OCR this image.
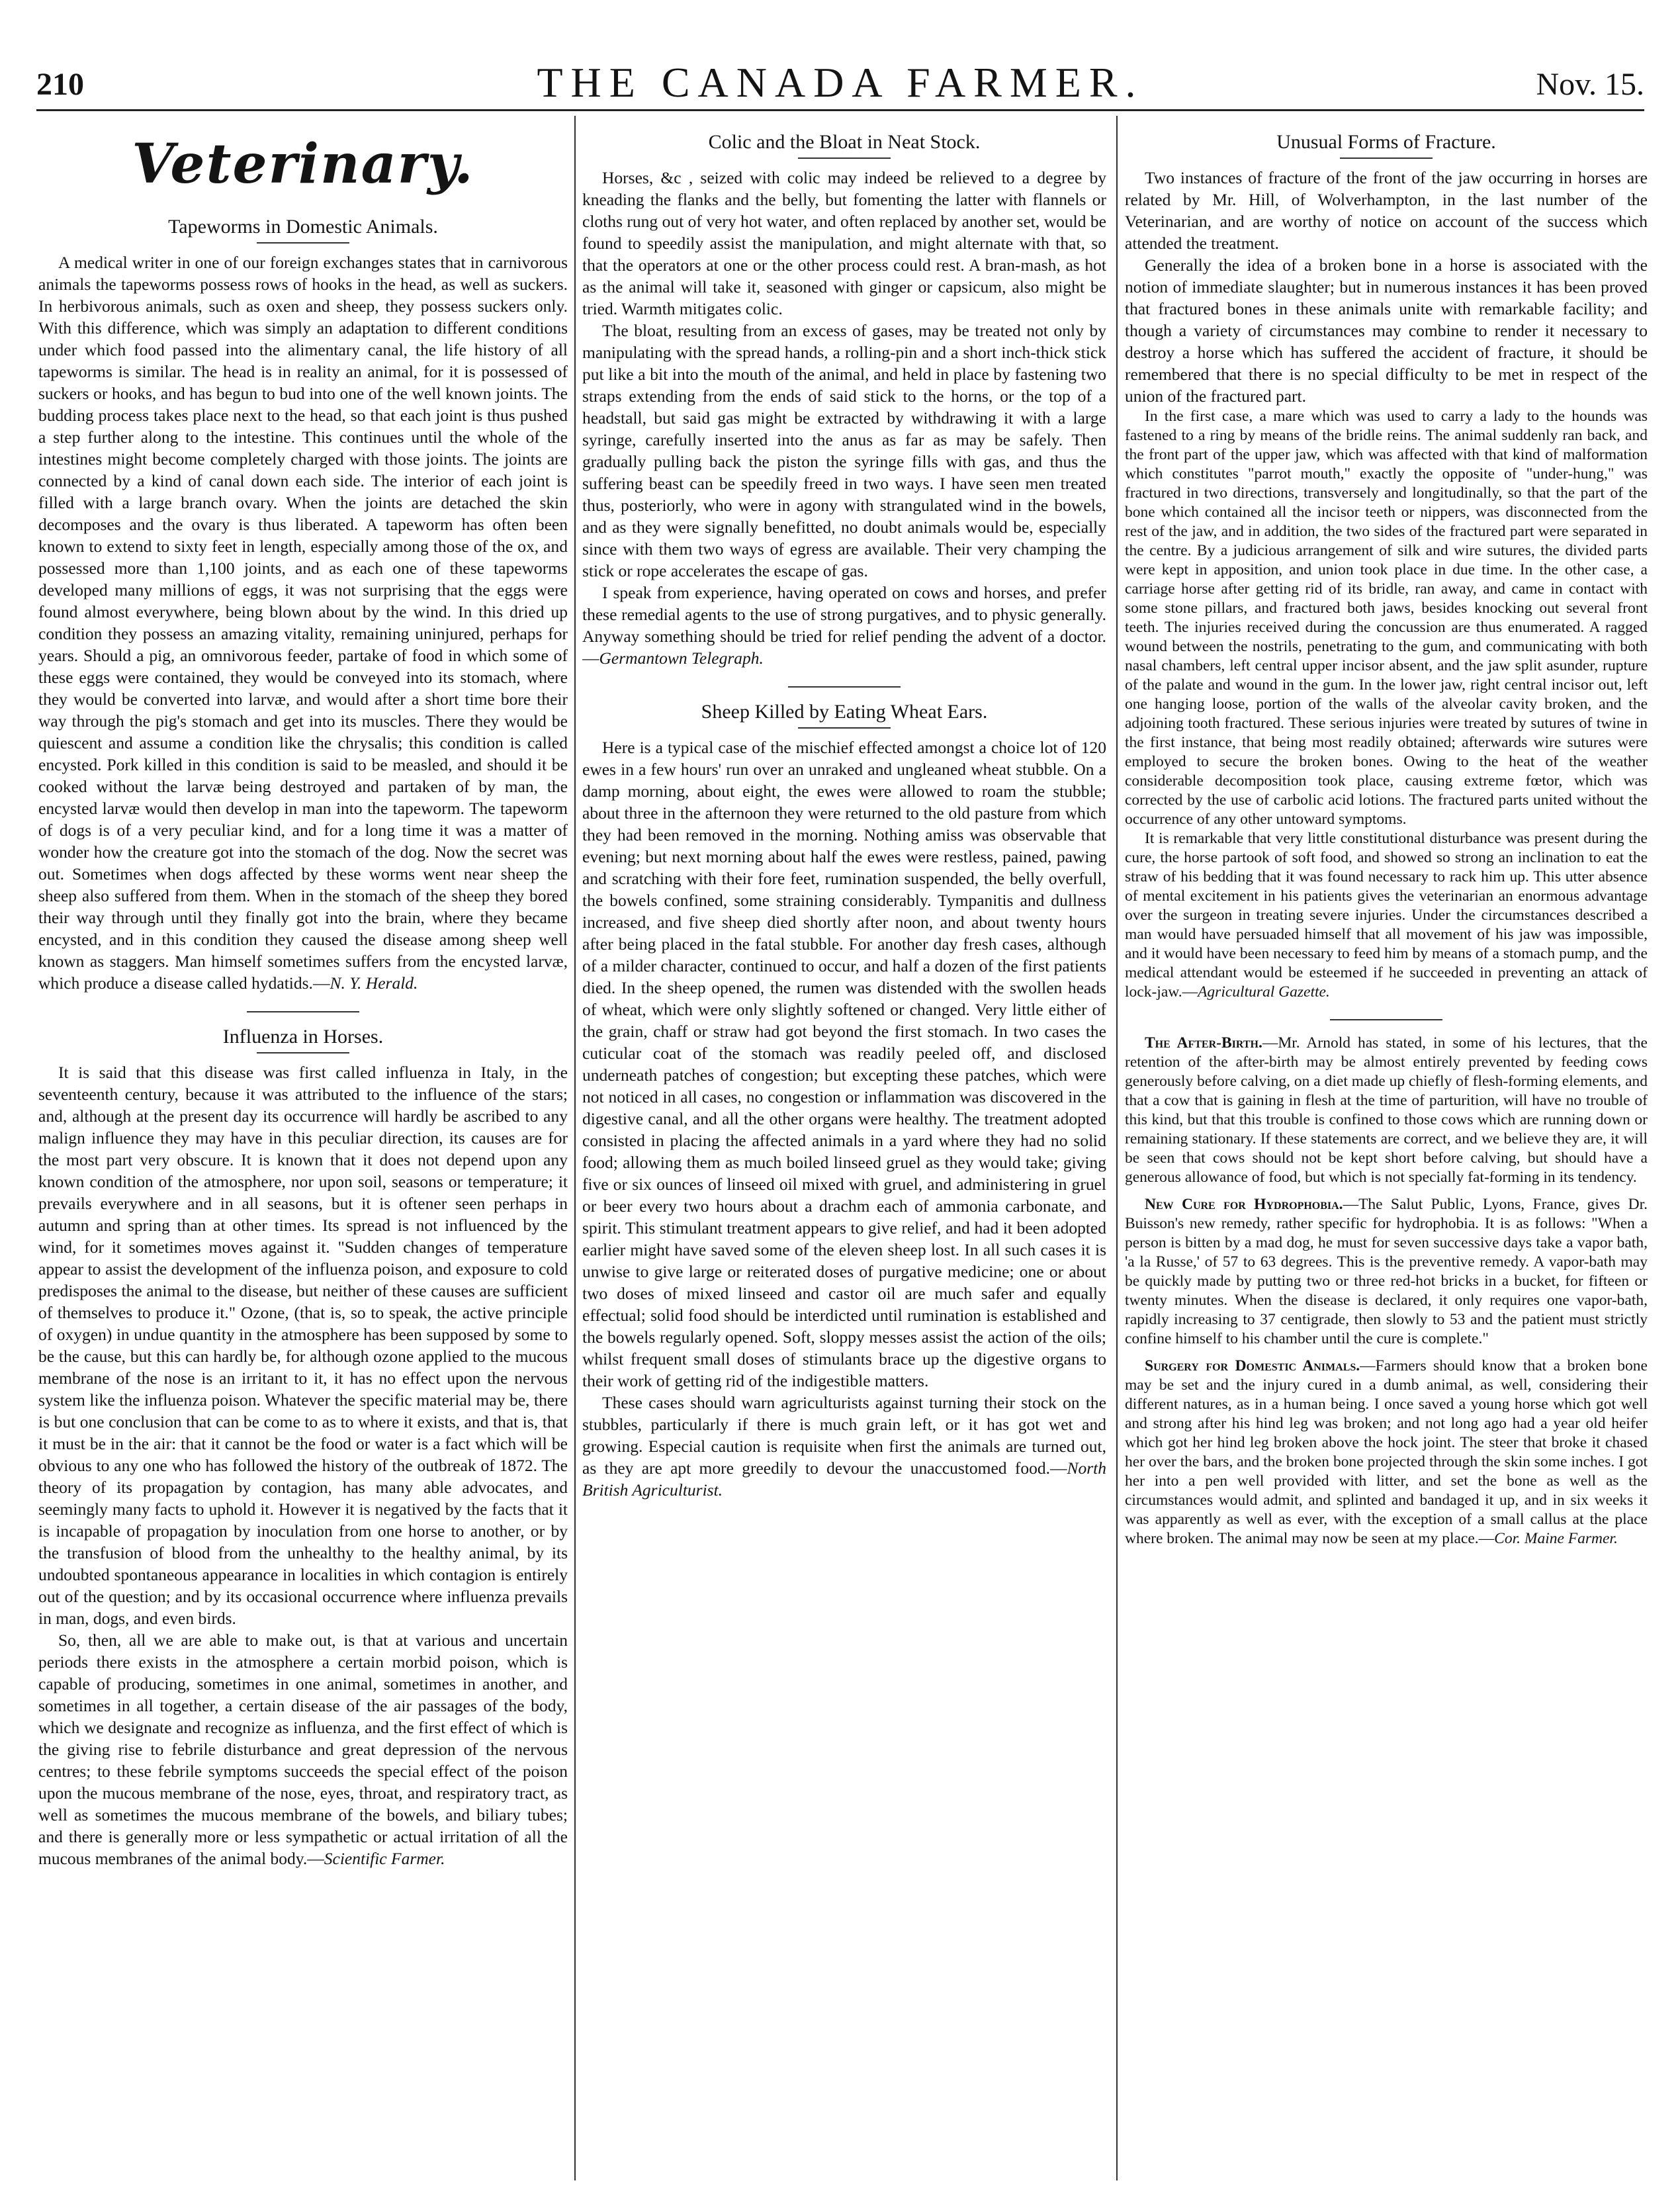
210	THE CANADA FARMER.	Nov. 15.
Veterinary.
Tapeworms in Domestic Animals.

A medical writer in one of our foreign exchanges states that in carnivorous animals the tapeworms possess rows of hooks in the head, as well as suckers. In herbivorous animals, such as oxen and sheep, they possess suckers only. With this difference, which was simply an adaptation to different conditions under which food passed into the alimentary canal, the life history of all tapeworms is similar. The head is in reality an animal, for it is possessed of suckers or hooks, and has begun to bud into one of the well known joints. The budding process takes place next to the head, so that each joint is thus pushed a step further along to the intestine. This continues until the whole of the intestines might become completely charged with those joints. The joints are connected by a kind of canal down each side. The interior of each joint is filled with a large branch ovary. When the joints are detached the skin decomposes and the ovary is thus liberated. A tapeworm has often been known to extend to sixty feet in length, especially among those of the ox, and possessed more than 1,100 joints, and as each one of these tapeworms developed many millions of eggs, it was not surprising that the eggs were found almost everywhere, being blown about by the wind. In this dried up condition they possess an amazing vitality, remaining uninjured, perhaps for years. Should a pig, an omnivorous feeder, partake of food in which some of these eggs were contained, they would be conveyed into its stomach, where they would be converted into larvæ, and would after a short time bore their way through the pig's stomach and get into its muscles. There they would be quiescent and assume a condition like the chrysalis; this condition is called encysted. Pork killed in this condition is said to be measled, and should it be cooked without the larvæ being destroyed and partaken of by man, the encysted larvæ would then develop in man into the tapeworm. The tapeworm of dogs is of a very peculiar kind, and for a long time it was a matter of wonder how the creature got into the stomach of the dog. Now the secret was out. Sometimes when dogs affected by these worms went near sheep the sheep also suffered from them. When in the stomach of the sheep they bored their way through until they finally got into the brain, where they became encysted, and in this condition they caused the disease among sheep well known as staggers. Man himself sometimes suffers from the encysted larvæ, which produce a disease called hydatids.—N. Y. Herald.

Influenza in Horses.

It is said that this disease was first called influenza in Italy, in the seventeenth century, because it was attributed to the influence of the stars; and, although at the present day its occurrence will hardly be ascribed to any malign influence they may have in this peculiar direction, its causes are for the most part very obscure. It is known that it does not depend upon any known condition of the atmosphere, nor upon soil, seasons or temperature; it prevails everywhere and in all seasons, but it is oftener seen perhaps in autumn and spring than at other times. Its spread is not influenced by the wind, for it sometimes moves against it. "Sudden changes of temperature appear to assist the development of the influenza poison, and exposure to cold predisposes the animal to the disease, but neither of these causes are sufficient of themselves to produce it." Ozone, (that is, so to speak, the active principle of oxygen) in undue quantity in the atmosphere has been supposed by some to be the cause, but this can hardly be, for although ozone applied to the mucous membrane of the nose is an irritant to it, it has no effect upon the nervous system like the influenza poison. Whatever the specific material may be, there is but one conclusion that can be come to as to where it exists, and that is, that it must be in the air: that it cannot be the food or water is a fact which will be obvious to any one who has followed the history of the outbreak of 1872. The theory of its propagation by contagion, has many able advocates, and seemingly many facts to uphold it. However it is negatived by the facts that it is incapable of propagation by inoculation from one horse to another, or by the transfusion of blood from the unhealthy to the healthy animal, by its undoubted spontaneous appearance in localities in which contagion is entirely out of the question; and by its occasional occurrence where influenza prevails in man, dogs, and even birds.

So, then, all we are able to make out, is that at various and uncertain periods there exists in the atmosphere a certain morbid poison, which is capable of producing, sometimes in one animal, sometimes in another, and sometimes in all together, a certain disease of the air passages of the body, which we designate and recognize as influenza, and the first effect of which is the giving rise to febrile disturbance and great depression of the nervous centres; to these febrile symptoms succeeds the special effect of the poison upon the mucous membrane of the nose, eyes, throat, and respiratory tract, as well as sometimes the mucous membrane of the bowels, and biliary tubes; and there is generally more or less sympathetic or actual irritation of all the mucous membranes of the animal body.—Scientific Farmer.

Colic and the Bloat in Neat Stock.

Horses, &c , seized with colic may indeed be relieved to a degree by kneading the flanks and the belly, but fomenting the latter with flannels or cloths rung out of very hot water, and often replaced by another set, would be found to speedily assist the manipulation, and might alternate with that, so that the operators at one or the other process could rest. A bran-mash, as hot as the animal will take it, seasoned with ginger or capsicum, also might be tried. Warmth mitigates colic.

The bloat, resulting from an excess of gases, may be treated not only by manipulating with the spread hands, a rolling-pin and a short inch-thick stick put like a bit into the mouth of the animal, and held in place by fastening two straps extending from the ends of said stick to the horns, or the top of a headstall, but said gas might be extracted by withdrawing it with a large syringe, carefully inserted into the anus as far as may be safely. Then gradually pulling back the piston the syringe fills with gas, and thus the suffering beast can be speedily freed in two ways. I have seen men treated thus, posteriorly, who were in agony with strangulated wind in the bowels, and as they were signally benefitted, no doubt animals would be, especially since with them two ways of egress are available. Their very champing the stick or rope accelerates the escape of gas.

I speak from experience, having operated on cows and horses, and prefer these remedial agents to the use of strong purgatives, and to physic generally. Anyway something should be tried for relief pending the advent of a doctor.—Germantown Telegraph.

Sheep Killed by Eating Wheat Ears.

Here is a typical case of the mischief effected amongst a choice lot of 120 ewes in a few hours' run over an unraked and ungleaned wheat stubble. On a damp morning, about eight, the ewes were allowed to roam the stubble; about three in the afternoon they were returned to the old pasture from which they had been removed in the morning. Nothing amiss was observable that evening; but next morning about half the ewes were restless, pained, pawing and scratching with their fore feet, rumination suspended, the belly overfull, the bowels confined, some straining considerably. Tympanitis and dullness increased, and five sheep died shortly after noon, and about twenty hours after being placed in the fatal stubble. For another day fresh cases, although of a milder character, continued to occur, and half a dozen of the first patients died. In the sheep opened, the rumen was distended with the swollen heads of wheat, which were only slightly softened or changed. Very little either of the grain, chaff or straw had got beyond the first stomach. In two cases the cuticular coat of the stomach was readily peeled off, and disclosed underneath patches of congestion; but excepting these patches, which were not noticed in all cases, no congestion or inflammation was discovered in the digestive canal, and all the other organs were healthy. The treatment adopted consisted in placing the affected animals in a yard where they had no solid food; allowing them as much boiled linseed gruel as they would take; giving five or six ounces of linseed oil mixed with gruel, and administering in gruel or beer every two hours about a drachm each of ammonia carbonate, and spirit. This stimulant treatment appears to give relief, and had it been adopted earlier might have saved some of the eleven sheep lost. In all such cases it is unwise to give large or reiterated doses of purgative medicine; one or about two doses of mixed linseed and castor oil are much safer and equally effectual; solid food should be interdicted until rumination is established and the bowels regularly opened. Soft, sloppy messes assist the action of the oils; whilst frequent small doses of stimulants brace up the digestive organs to their work of getting rid of the indigestible matters.

These cases should warn agriculturists against turning their stock on the stubbles, particularly if there is much grain left, or it has got wet and growing. Especial caution is requisite when first the animals are turned out, as they are apt more greedily to devour the unaccustomed food.—North British Agriculturist.

Unusual Forms of Fracture.

Two instances of fracture of the front of the jaw occurring in horses are related by Mr. Hill, of Wolverhampton, in the last number of the Veterinarian, and are worthy of notice on account of the success which attended the treatment.

Generally the idea of a broken bone in a horse is associated with the notion of immediate slaughter; but in numerous instances it has been proved that fractured bones in these animals unite with remarkable facility; and though a variety of circumstances may combine to render it necessary to destroy a horse which has suffered the accident of fracture, it should be remembered that there is no special difficulty to be met in respect of the union of the fractured part.

In the first case, a mare which was used to carry a lady to the hounds was fastened to a ring by means of the bridle reins. The animal suddenly ran back, and the front part of the upper jaw, which was affected with that kind of malformation which constitutes "parrot mouth," exactly the opposite of "under-hung," was fractured in two directions, transversely and longitudinally, so that the part of the bone which contained all the incisor teeth or nippers, was disconnected from the rest of the jaw, and in addition, the two sides of the fractured part were separated in the centre. By a judicious arrangement of silk and wire sutures, the divided parts were kept in apposition, and union took place in due time. In the other case, a carriage horse after getting rid of its bridle, ran away, and came in contact with some stone pillars, and fractured both jaws, besides knocking out several front teeth. The injuries received during the concussion are thus enumerated. A ragged wound between the nostrils, penetrating to the gum, and communicating with both nasal chambers, left central upper incisor absent, and the jaw split asunder, rupture of the palate and wound in the gum. In the lower jaw, right central incisor out, left one hanging loose, portion of the walls of the alveolar cavity broken, and the adjoining tooth fractured. These serious injuries were treated by sutures of twine in the first instance, that being most readily obtained; afterwards wire sutures were employed to secure the broken bones. Owing to the heat of the weather considerable decomposition took place, causing extreme fœtor, which was corrected by the use of carbolic acid lotions. The fractured parts united without the occurrence of any other untoward symptoms.

It is remarkable that very little constitutional disturbance was present during the cure, the horse partook of soft food, and showed so strong an inclination to eat the straw of his bedding that it was found necessary to rack him up. This utter absence of mental excitement in his patients gives the veterinarian an enormous advantage over the surgeon in treating severe injuries. Under the circumstances described a man would have persuaded himself that all movement of his jaw was impossible, and it would have been necessary to feed him by means of a stomach pump, and the medical attendant would be esteemed if he succeeded in preventing an attack of lock-jaw.—Agricultural Gazette.

The After-Birth.—Mr. Arnold has stated, in some of his lectures, that the retention of the after-birth may be almost entirely prevented by feeding cows generously before calving, on a diet made up chiefly of flesh-forming elements, and that a cow that is gaining in flesh at the time of parturition, will have no trouble of this kind, but that this trouble is confined to those cows which are running down or remaining stationary. If these statements are correct, and we believe they are, it will be seen that cows should not be kept short before calving, but should have a generous allowance of food, but which is not specially fat-forming in its tendency.

New Cure for Hydrophobia.—The Salut Public, Lyons, France, gives Dr. Buisson's new remedy, rather specific for hydrophobia. It is as follows: "When a person is bitten by a mad dog, he must for seven successive days take a vapor bath, 'a la Russe,' of 57 to 63 degrees. This is the preventive remedy. A vapor-bath may be quickly made by putting two or three red-hot bricks in a bucket, for fifteen or twenty minutes. When the disease is declared, it only requires one vapor-bath, rapidly increasing to 37 centigrade, then slowly to 53 and the patient must strictly confine himself to his chamber until the cure is complete."

Surgery for Domestic Animals.—Farmers should know that a broken bone may be set and the injury cured in a dumb animal, as well, considering their different natures, as in a human being. I once saved a young horse which got well and strong after his hind leg was broken; and not long ago had a year old heifer which got her hind leg broken above the hock joint. The steer that broke it chased her over the bars, and the broken bone projected through the skin some inches. I got her into a pen well provided with litter, and set the bone as well as the circumstances would admit, and splinted and bandaged it up, and in six weeks it was apparently as well as ever, with the exception of a small callus at the place where broken. The animal may now be seen at my place.—Cor. Maine Farmer.
